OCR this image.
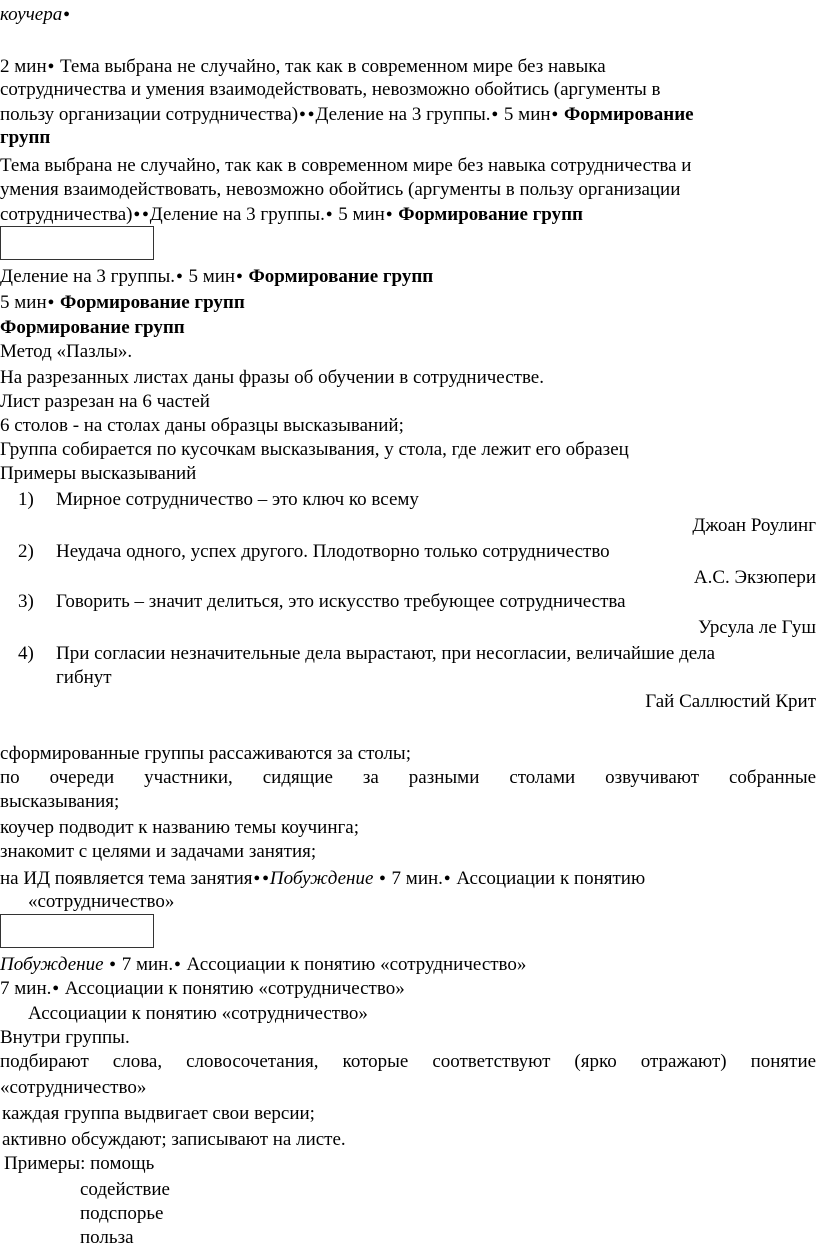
коучера ●
2 мин ● Тема выбрана не случайно, так как в современном мире без навыка
сотрудничества и умения взаимодействовать, невозможно обойтись (аргументы в
пользу организации сотрудничества) ● ● Деление на 3 группы. ● 5 мин ● Формирование
групп
Тема выбрана не случайно, так как в современном мире без навыка сотрудничества и
умения взаимодействовать, невозможно обойтись (аргументы в пользу организации
сотрудничества) ● ● Деление на 3 группы. ● 5 мин ● Формирование групп
Деление на 3 группы. ● 5 мин ● Формирование групп
5 мин ● Формирование групп
Формирование групп
Метод «Пазлы».
На разрезанных листах даны фразы об обучении в сотрудничестве.
Лист разрезан на 6 частей
6 столов - на столах даны образцы высказываний;
Группа собирается по кусочкам высказывания, у стола, где лежит его образец
Примеры высказываний
1) Мирное сотрудничество – это ключ ко всему
Джоан Роулинг
2) Неудача одного, успех другого. Плодотворно только сотрудничество
А.С. Экзюпери
3) Говорить – значит делиться, это искусство требующее сотрудничества
Урсула ле Гуш
4) При согласии незначительные дела вырастают, при несогласии, величайшие дела
гибнут
Гай Саллюстий Крит
сформированные группы рассаживаются за столы;
по очереди участники, сидящие за разными столами озвучивают собранные
высказывания;
коучер подводит к названию темы коучинга;
знакомит с целями и задачами занятия;
на ИД появляется тема занятия ● ● Побуждение ● 7 мин. ● Ассоциации к понятию
«сотрудничество»
Побуждение ● 7 мин. ● Ассоциации к понятию «сотрудничество»
7 мин. ● Ассоциации к понятию «сотрудничество»
Ассоциации к понятию «сотрудничество»
Внутри группы.
подбирают слова, словосочетания, которые соответствуют (ярко отражают) понятие
«сотрудничество»
каждая группа выдвигает свои версии;
активно обсуждают; записывают на листе.
Примеры: помощь
содействие
подспорье
польза
